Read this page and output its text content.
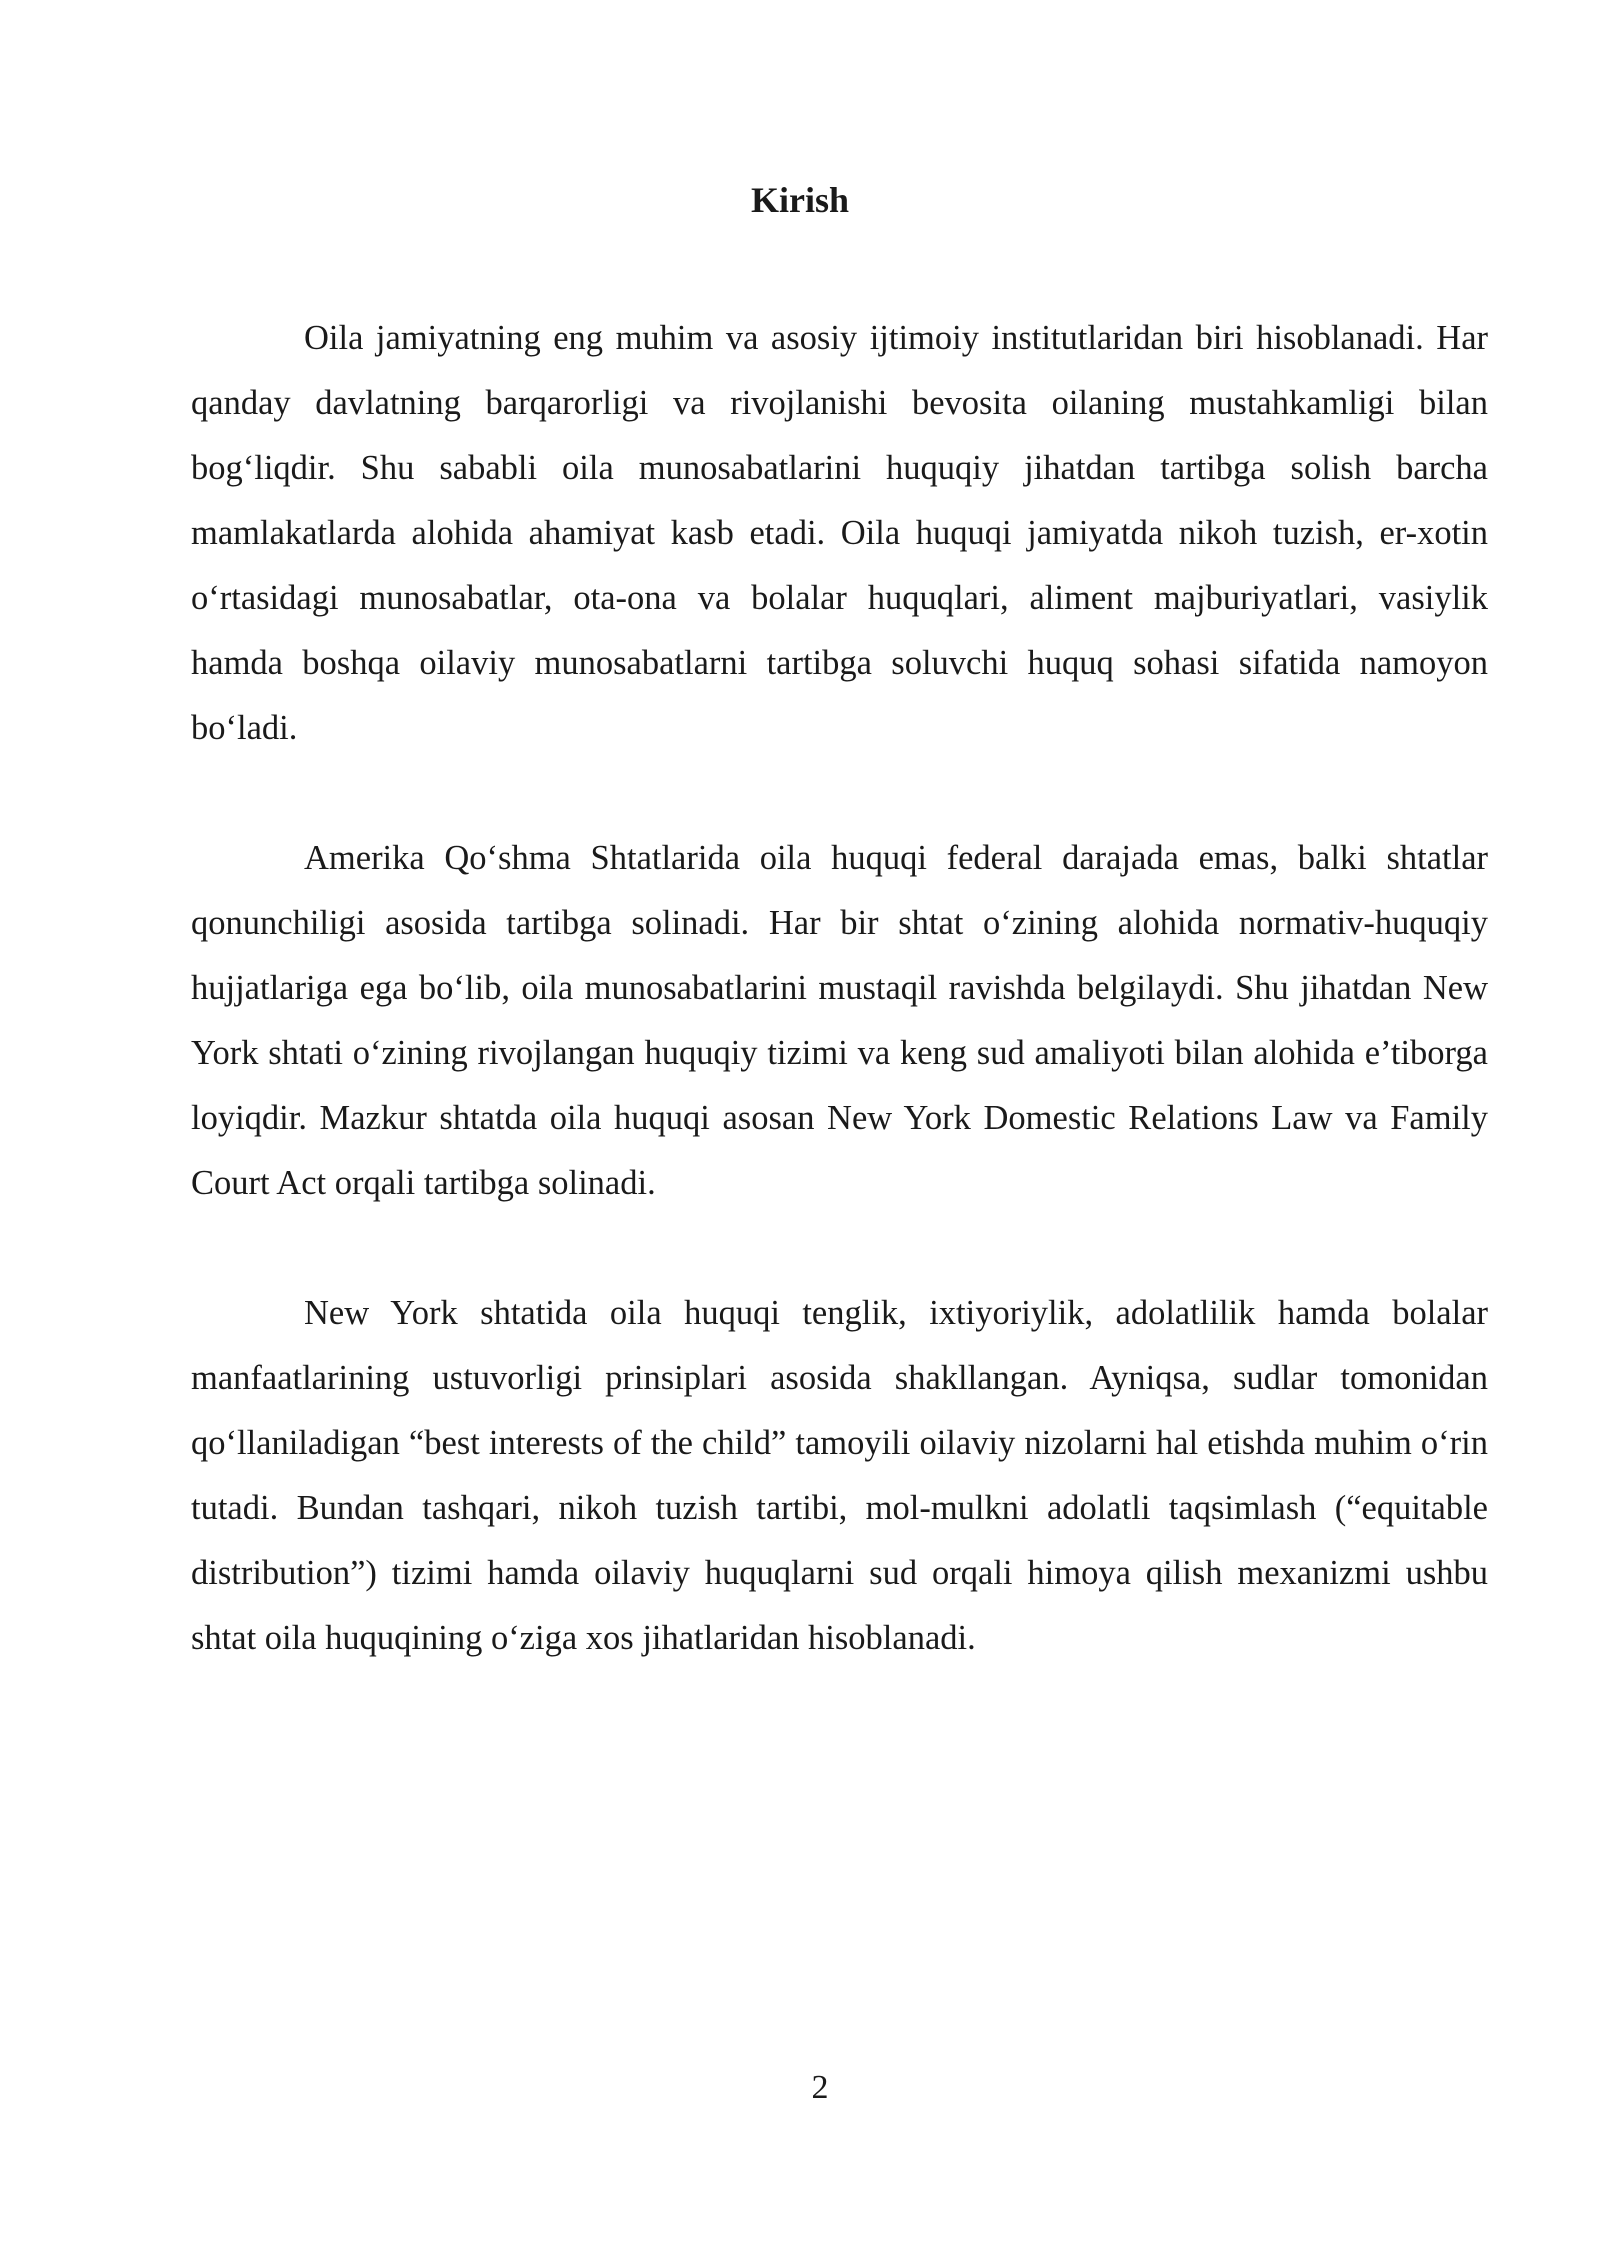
Kirish

Oila jamiyatning eng muhim va asosiy ijtimoiy institutlaridan biri hisoblanadi. Har qanday davlatning barqarorligi va rivojlanishi bevosita oilaning mustahkamligi bilan bog‘liqdir. Shu sababli oila munosabatlarini huquqiy jihatdan tartibga solish barcha mamlakatlarda alohida ahamiyat kasb etadi. Oila huquqi jamiyatda nikoh tuzish, er-xotin o‘rtasidagi munosabatlar, ota-ona va bolalar huquqlari, aliment majburiyatlari, vasiylik hamda boshqa oilaviy munosabatlarni tartibga soluvchi huquq sohasi sifatida namoyon bo‘ladi.

Amerika Qo‘shma Shtatlarida oila huquqi federal darajada emas, balki shtatlar qonunchiligi asosida tartibga solinadi. Har bir shtat o‘zining alohida normativ-huquqiy hujjatlariga ega bo‘lib, oila munosabatlarini mustaqil ravishda belgilaydi. Shu jihatdan New York shtati o‘zining rivojlangan huquqiy tizimi va keng sud amaliyoti bilan alohida e’tiborga loyiqdir. Mazkur shtatda oila huquqi asosan New York Domestic Relations Law va Family Court Act orqali tartibga solinadi.

New York shtatida oila huquqi tenglik, ixtiyoriylik, adolatlilik hamda bolalar manfaatlarining ustuvorligi prinsiplari asosida shakllangan. Ayniqsa, sudlar tomonidan qo‘llaniladigan “best interests of the child” tamoyili oilaviy nizolarni hal etishda muhim o‘rin tutadi. Bundan tashqari, nikoh tuzish tartibi, mol-mulkni adolatli taqsimlash (“equitable distribution”) tizimi hamda oilaviy huquqlarni sud orqali himoya qilish mexanizmi ushbu shtat oila huquqining o‘ziga xos jihatlaridan hisoblanadi.

2
